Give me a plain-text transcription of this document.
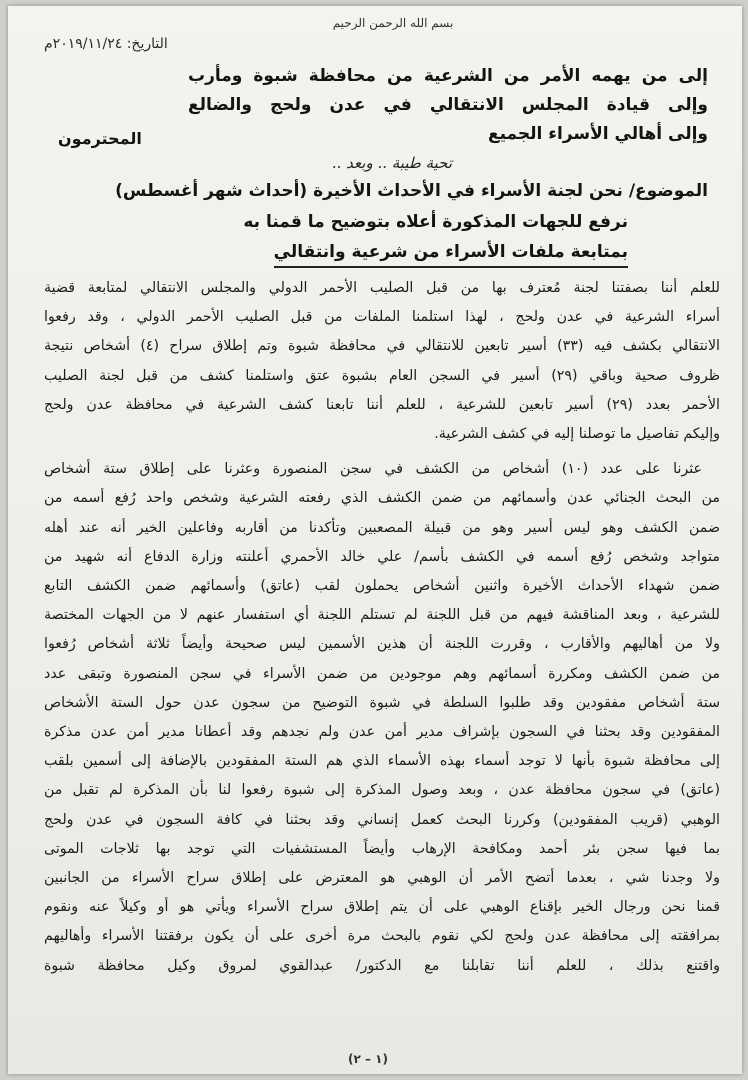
بسم الله الرحمن الرحيم
التاريخ: ٢٠١٩/١١/٢٤م
إلى من يهمه الأمر من الشرعية من محافظة شبوة ومأرب
وإلى قيادة المجلس الانتقالي في عدن ولحج والضالع
وإلى أهالي الأسراء الجميع
المحترمون
تحية طيبة .. وبعد ..
الموضوع/ نحن لجنة الأسراء في الأحداث الأخيرة (أحداث شهر أغسطس)
نرفع للجهات المذكورة أعلاه بتوضيح ما قمنا به
بمتابعة ملفات الأسراء من شرعية وانتقالي
للعلم أننا بصفتنا لجنة مُعترف بها من قبل الصليب الأحمر الدولي والمجلس الانتقالي لمتابعة قضية
أسراء الشرعية في عدن ولحج ، لهذا استلمنا الملفات من قبل الصليب الأحمر الدولي ، وقد رفعوا
الانتقالي بكشف فيه (٣٣) أسير تابعين للانتقالي في محافظة شبوة وتم إطلاق سراح (٤) أشخاص نتيجة
ظروف صحية وباقي (٢٩) أسير في السجن العام بشبوة عتق واستلمنا كشف من قبل لجنة الصليب
الأحمر بعدد (٢٩) أسير تابعين للشرعية ، للعلم أننا تابعنا كشف الشرعية في محافظة عدن ولحج
وإليكم تفاصيل ما توصلنا إليه في كشف الشرعية.
عثرنا على عدد (١٠) أشخاص من الكشف في سجن المنصورة وعثرنا على إطلاق ستة أشخاص
من البحث الجنائي عدن وأسمائهم من ضمن الكشف الذي رفعته الشرعية وشخص واحد رُفع أسمه من
ضمن الكشف وهو ليس أسير وهو من قبيلة المصعبين وتأكدنا من أقاربه وفاعلين الخير أنه عند أهله
متواجد وشخص رُفع أسمه في الكشف بأسم/ علي خالد الأحمري أعلنته وزارة الدفاع أنه شهيد من
ضمن شهداء الأحداث الأخيرة واثنين أشخاص يحملون لقب (عاتق) وأسمائهم ضمن الكشف التابع
للشرعية ، وبعد المناقشة فيهم من قبل اللجنة لم تستلم اللجنة أي استفسار عنهم لا من الجهات المختصة
ولا من أهاليهم والأقارب ، وقررت اللجنة أن هذين الأسمين ليس صحيحة وأيضاً ثلاثة أشخاص رُفعوا
من ضمن الكشف ومكررة أسمائهم وهم موجودين من ضمن الأسراء في سجن المنصورة وتبقى عدد
ستة أشخاص مفقودين وقد طلبوا السلطة في شبوة التوضيح من سجون عدن حول الستة الأشخاص
المفقودين وقد بحثنا في السجون بإشراف مدير أمن عدن ولم نجدهم وقد أعطانا مدير أمن عدن مذكرة
إلى محافظة شبوة بأنها لا توجد أسماء بهذه الأسماء الذي هم الستة المفقودين بالإضافة إلى أسمين بلقب
(عاتق) في سجون محافظة عدن ، وبعد وصول المذكرة إلى شبوة رفعوا لنا بأن المذكرة لم تقبل من
الوهبي (قريب المفقودين) وكررنا البحث كعمل إنساني وقد بحثنا في كافة السجون في عدن ولحج
بما فيها سجن بئر أحمد ومكافحة الإرهاب وأيضاً المستشفيات التي توجد بها ثلاجات الموتى
ولا وجدنا شي ، بعدما أتضح الأمر أن الوهبي هو المعترض على إطلاق سراح الأسراء من الجانبين
قمنا نحن ورجال الخير بإقناع الوهبي على أن يتم إطلاق سراح الأسراء ويأتي هو أو وكيلاً عنه ونقوم
بمرافقته إلى محافظة عدن ولحج لكي نقوم بالبحث مرة أخرى على أن يكون برفقتنا الأسراء وأهاليهم
واقتنع بذلك ، للعلم أننا تقابلنا مع الدكتور/ عبدالقوي لمروق وكيل محافظة شبوة
(١ – ٢)
